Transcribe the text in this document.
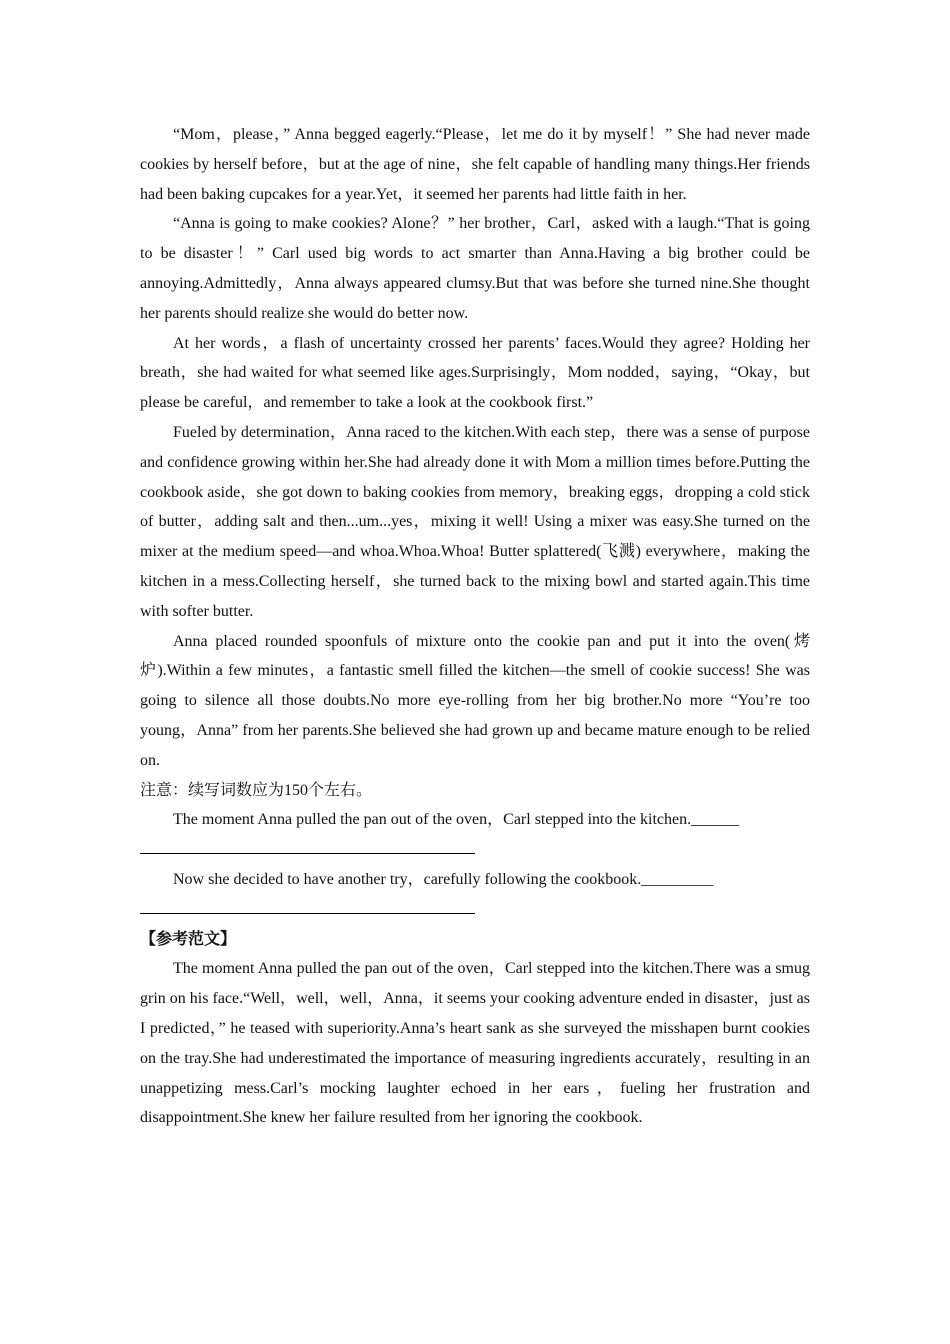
“Mom，please，” Anna begged eagerly.“Please，let me do it by myself！” She had never made cookies by herself before，but at the age of nine，she felt capable of handling many things.Her friends had been baking cupcakes for a year.Yet，it seemed her parents had little faith in her.

“Anna is going to make cookies? Alone？” her brother，Carl，asked with a laugh.“That is going to be disaster！” Carl used big words to act smarter than Anna.Having a big brother could be annoying.Admittedly，Anna always appeared clumsy.But that was before she turned nine.She thought her parents should realize she would do better now.

At her words，a flash of uncertainty crossed her parents’ faces.Would they agree? Holding her breath，she had waited for what seemed like ages.Surprisingly，Mom nodded，saying，“Okay，but please be careful，and remember to take a look at the cookbook first.”

Fueled by determination，Anna raced to the kitchen.With each step，there was a sense of purpose and confidence growing within her.She had already done it with Mom a million times before.Putting the cookbook aside，she got down to baking cookies from memory，breaking eggs，dropping a cold stick of butter，adding salt and then...um...yes，mixing it well! Using a mixer was easy.She turned on the mixer at the medium speed—and whoa.Whoa.Whoa! Butter splattered(飞溅) everywhere，making the kitchen in a mess.Collecting herself，she turned back to the mixing bowl and started again.This time with softer butter.

Anna placed rounded spoonfuls of mixture onto the cookie pan and put it into the oven(烤炉).Within a few minutes，a fantastic smell filled the kitchen—the smell of cookie success! She was going to silence all those doubts.No more eye-rolling from her big brother.No more “You’re too young，Anna” from her parents.She believed she had grown up and became mature enough to be relied on.

注意：续写词数应为150个左右。

The moment Anna pulled the pan out of the oven，Carl stepped into the kitchen.______

Now she decided to have another try，carefully following the cookbook._________

【参考范文】

The moment Anna pulled the pan out of the oven，Carl stepped into the kitchen.There was a smug grin on his face.“Well，well，well，Anna，it seems your cooking adventure ended in disaster，just as I predicted，” he teased with superiority.Anna’s heart sank as she surveyed the misshapen burnt cookies on the tray.She had underestimated the importance of measuring ingredients accurately，resulting in an unappetizing mess.Carl’s mocking laughter echoed in her ears，fueling her frustration and disappointment.She knew her failure resulted from her ignoring the cookbook.
